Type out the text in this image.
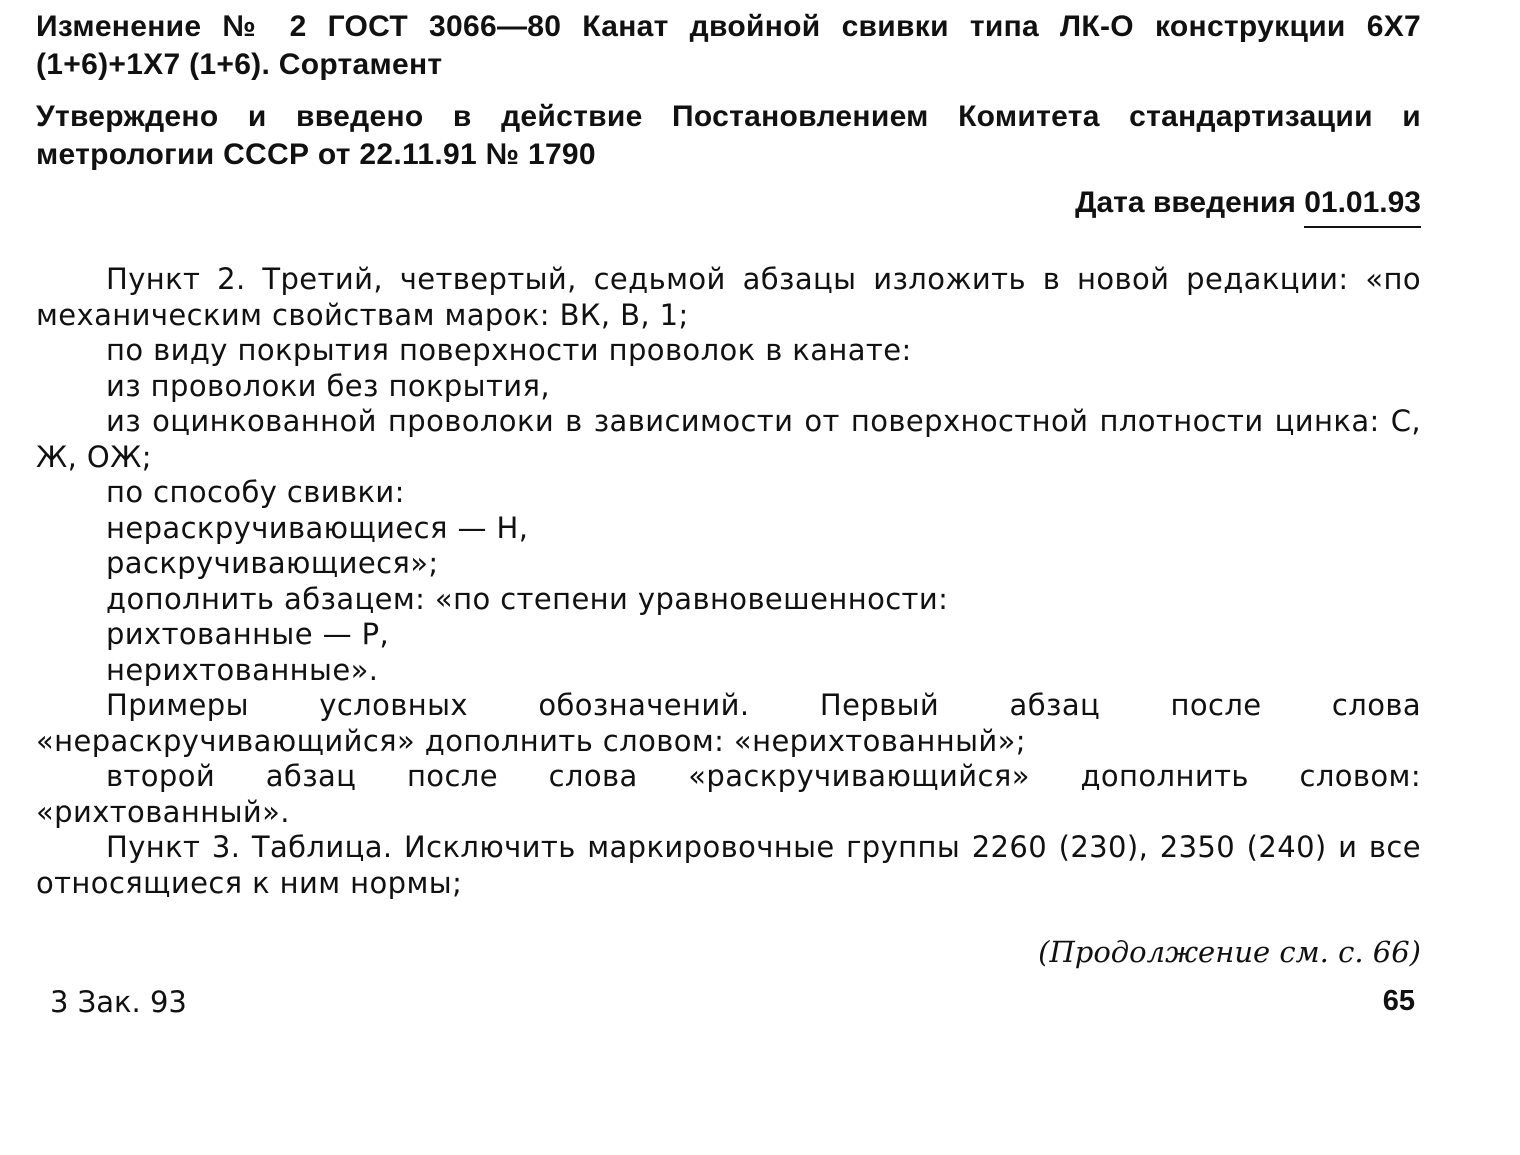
Изменение № 2 ГОСТ 3066—80 Канат двойной свивки типа ЛК-О конструкции 6Х7 (1+6)+1Х7 (1+6). Сортамент

Утверждено и введено в действие Постановлением Комитета стандартизации и метрологии СССР от 22.11.91 № 1790

Дата введения 01.01.93

Пункт 2. Третий, четвертый, седьмой абзацы изложить в новой редакции: «по механическим свойствам марок: ВК, В, 1;

по виду покрытия поверхности проволок в канате:

из проволоки без покрытия,

из оцинкованной проволоки в зависимости от поверхностной плотности цинка: С, Ж, ОЖ;

по способу свивки:

нераскручивающиеся — Н,

раскручивающиеся»;

дополнить абзацем: «по степени уравновешенности:

рихтованные — Р,

нерихтованные».

Примеры условных обозначений. Первый абзац после слова «нераскручивающийся» дополнить словом: «нерихтованный»;

второй абзац после слова «раскручивающийся» дополнить словом: «рихтованный».

Пункт 3. Таблица. Исключить маркировочные группы 2260 (230), 2350 (240) и все относящиеся к ним нормы;

(Продолжение см. с. 66)
3 Зак. 93	65
